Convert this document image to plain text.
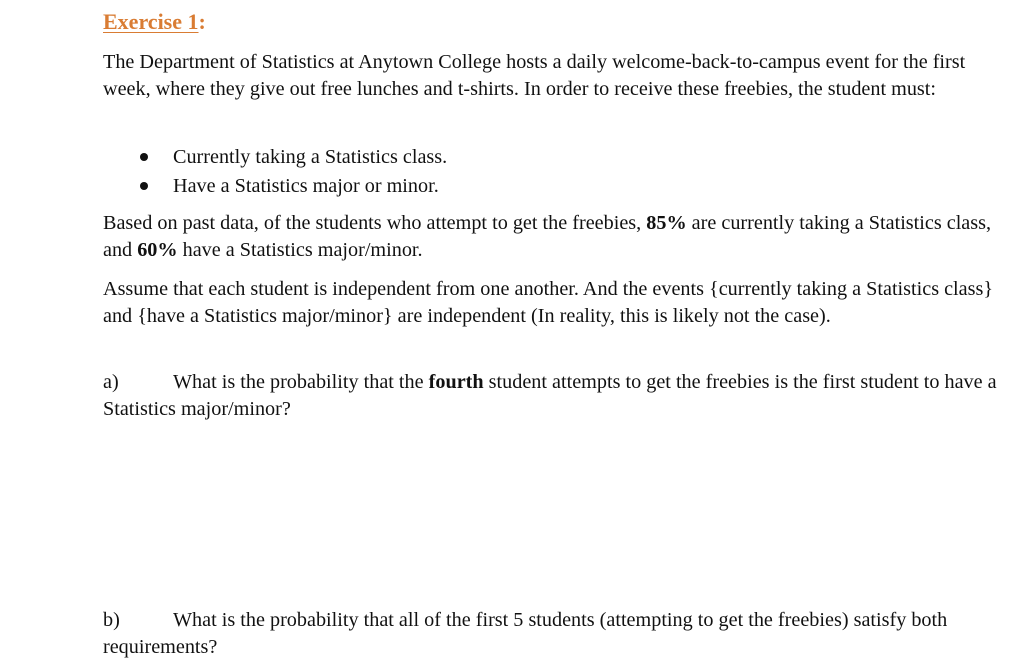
Exercise 1:
The Department of Statistics at Anytown College hosts a daily welcome-back-to-campus event for the first week, where they give out free lunches and t-shirts. In order to receive these freebies, the student must:
Currently taking a Statistics class.
Have a Statistics major or minor.
Based on past data, of the students who attempt to get the freebies, 85% are currently taking a Statistics class, and 60% have a Statistics major/minor.
Assume that each student is independent from one another. And the events {currently taking a Statistics class} and {have a Statistics major/minor} are independent (In reality, this is likely not the case).
a)	What is the probability that the fourth student attempts to get the freebies is the first student to have a Statistics major/minor?
b)	What is the probability that all of the first 5 students (attempting to get the freebies) satisfy both requirements?
